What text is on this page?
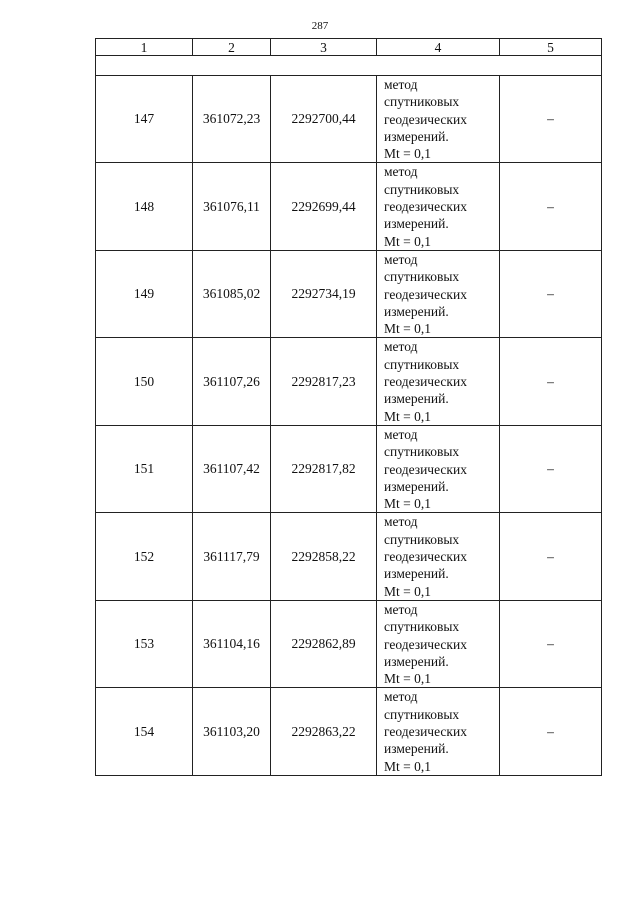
287
1	2	3	4	5

147	361072,23	2292700,44	метод
спутниковых
геодезических
измерений.
Mt = 0,1	–
148	361076,11	2292699,44	метод
спутниковых
геодезических
измерений.
Mt = 0,1	–
149	361085,02	2292734,19	метод
спутниковых
геодезических
измерений.
Mt = 0,1	–
150	361107,26	2292817,23	метод
спутниковых
геодезических
измерений.
Mt = 0,1	–
151	361107,42	2292817,82	метод
спутниковых
геодезических
измерений.
Mt = 0,1	–
152	361117,79	2292858,22	метод
спутниковых
геодезических
измерений.
Mt = 0,1	–
153	361104,16	2292862,89	метод
спутниковых
геодезических
измерений.
Mt = 0,1	–
154	361103,20	2292863,22	метод
спутниковых
геодезических
измерений.
Mt = 0,1	–
